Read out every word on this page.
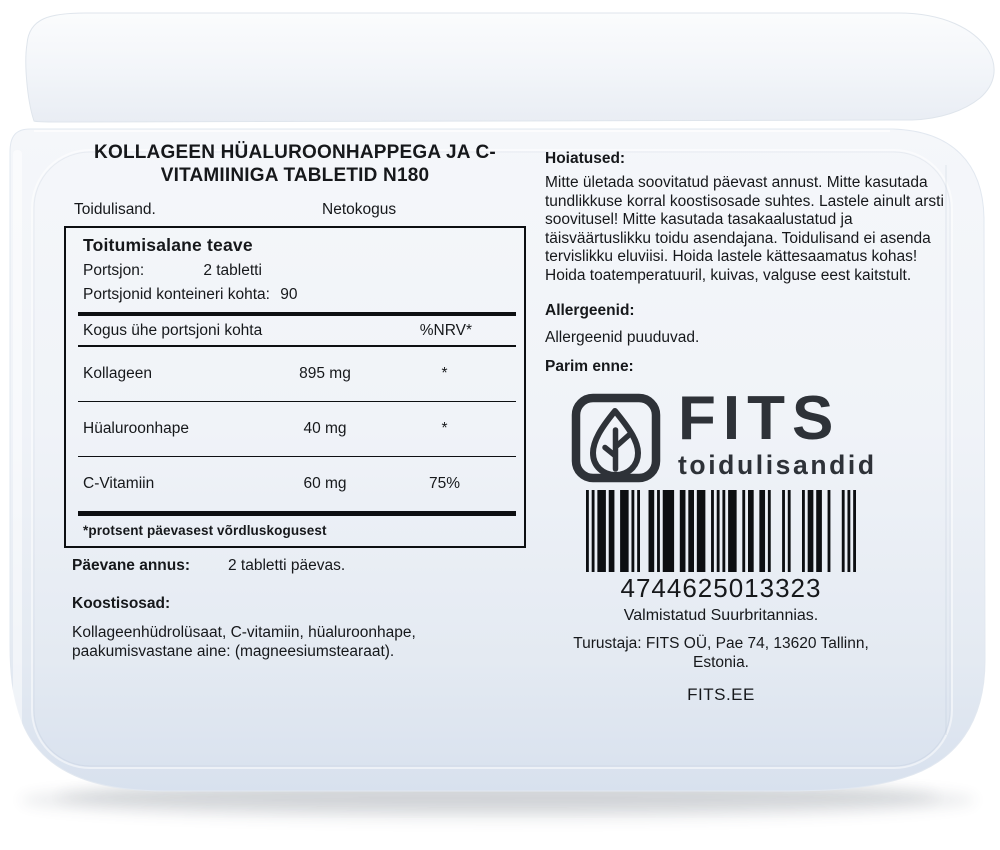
KOLLAGEEN HÜALUROONHAPPEGA JA C-VITAMIINIGA TABLETID N180
Toidulisand.	Netokogus
Toitumisalane teave
Portsjon:	2 tabletti
Portsjonid konteineri kohta: 90
Kogus ühe portsjoni kohta	%NRV*
Kollageen	895 mg	*
Hüaluroonhape	40 mg	*
C-Vitamiin	60 mg	75%
*protsent päevasest võrdluskogusest
Päevane annus: 2 tabletti päevas.
Koostisosad:
Kollageenhüdrolüsaat, C-vitamiin, hüaluroonhape, paakumisvastane aine: (magneesiumstearaat).
Hoiatused:
Mitte ületada soovitatud päevast annust. Mitte kasutada tundlikkuse korral koostisosade suhtes. Lastele ainult arsti soovitusel! Mitte kasutada tasakaalustatud ja täisväärtuslikku toidu asendajana. Toidulisand ei asenda tervislikku eluviisi. Hoida lastele kättesaamatus kohas! Hoida toatemperatuuril, kuivas, valguse eest kaitstult.
Allergeenid:
Allergeenid puuduvad.
Parim enne:
FITS
toidulisandid
4744625013323
Valmistatud Suurbritannias.
Turustaja: FITS OÜ, Pae 74, 13620 Tallinn,
Estonia.
FITS.EE
